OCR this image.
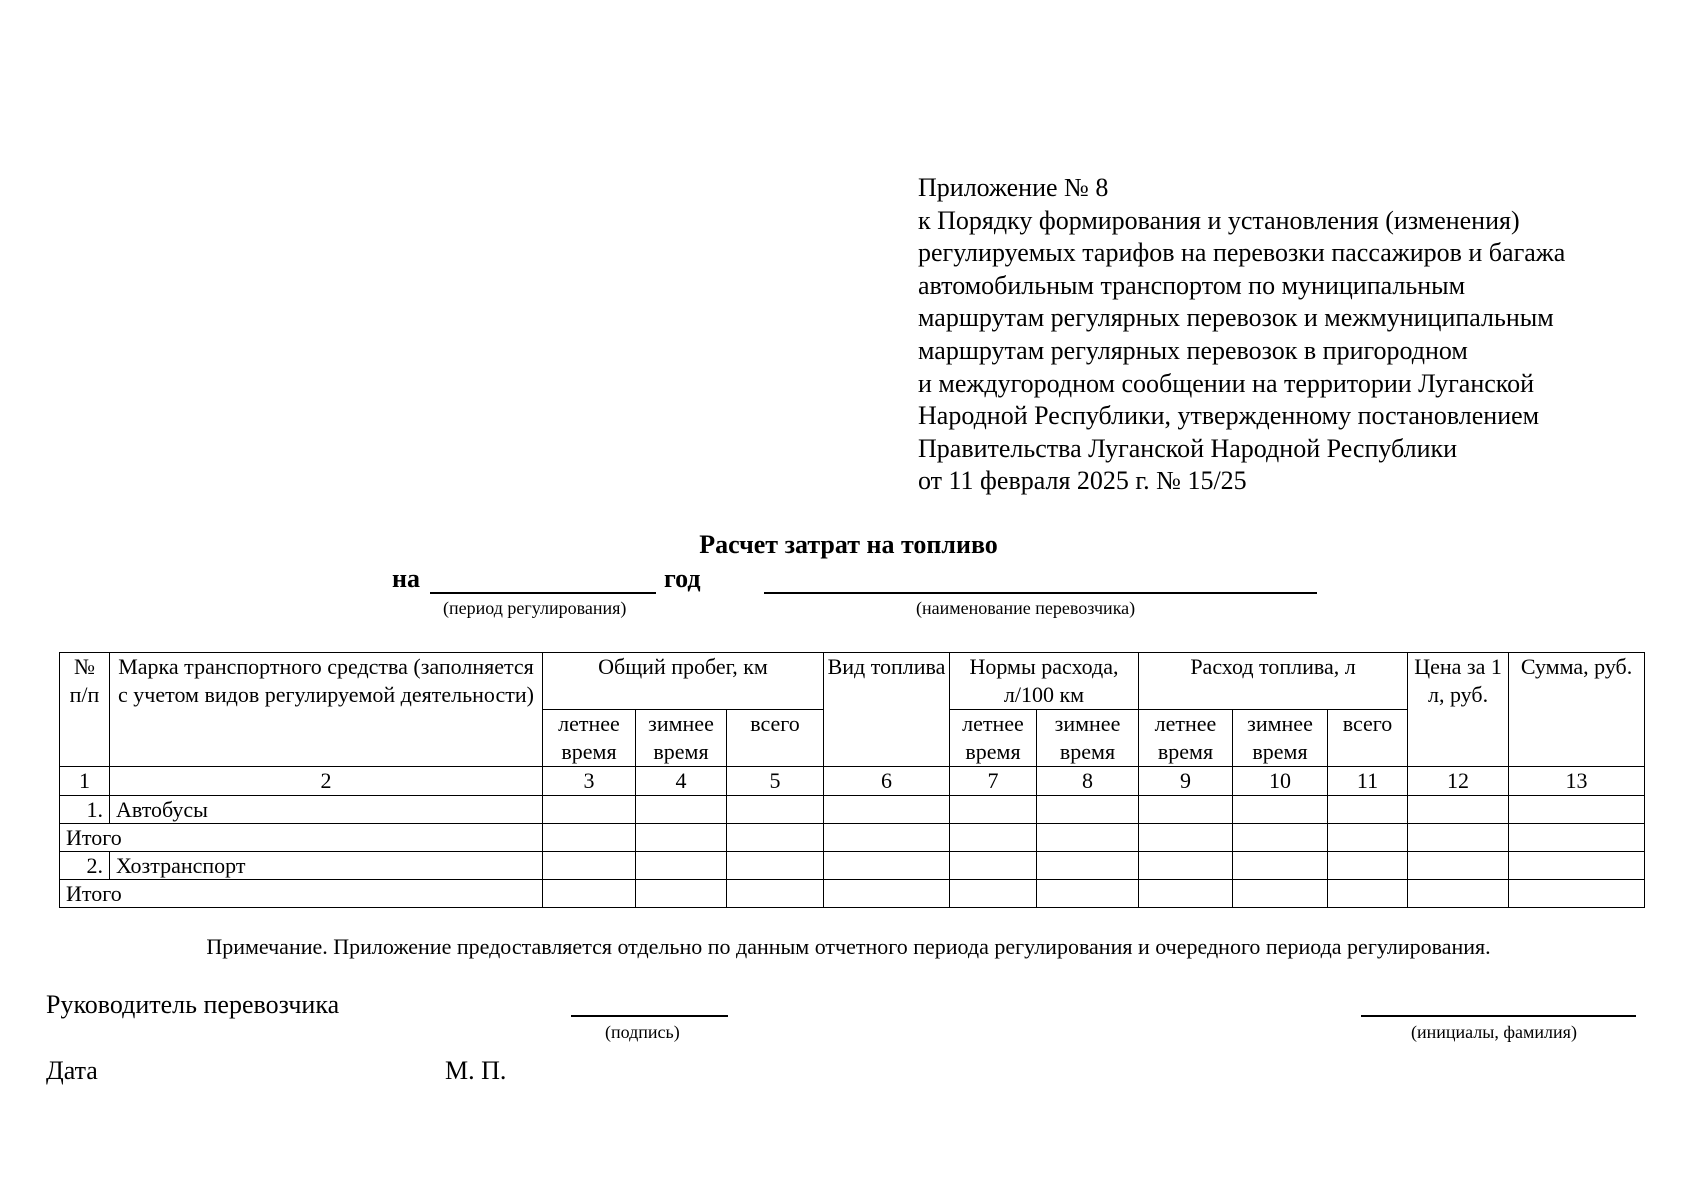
Приложение № 8
к Порядку формирования и установления (изменения)
регулируемых тарифов на перевозки пассажиров и багажа
автомобильным транспортом по муниципальным
маршрутам регулярных перевозок и межмуниципальным
маршрутам регулярных перевозок в пригородном
и междугородном сообщении на территории Луганской
Народной Республики, утвержденному постановлением
Правительства Луганской Народной Республики
от 11 февраля 2025 г. № 15/25
Расчет затрат на топливо
на	год
(период регулирования)	(наименование перевозчика)
№ п/п	Марка транспортного средства (заполняется с учетом видов регулируемой деятельности)	Общий пробег, км			Вид топлива	Нормы расхода, л/100 км		Расход топлива, л			Цена за 1 л, руб.	Сумма, руб.
		летнее время	зимнее время	всего		летнее время	зимнее время	летнее время	зимнее время	всего		
1	2	3	4	5	6	7	8	9	10	11	12	13
1.	Автобусы											
Итого												
2.	Хозтранспорт											
Итого												
Примечание. Приложение предоставляется отдельно по данным отчетного периода регулирования и очередного периода регулирования.
Руководитель перевозчика
(подпись)	(инициалы, фамилия)
Дата	М. П.
